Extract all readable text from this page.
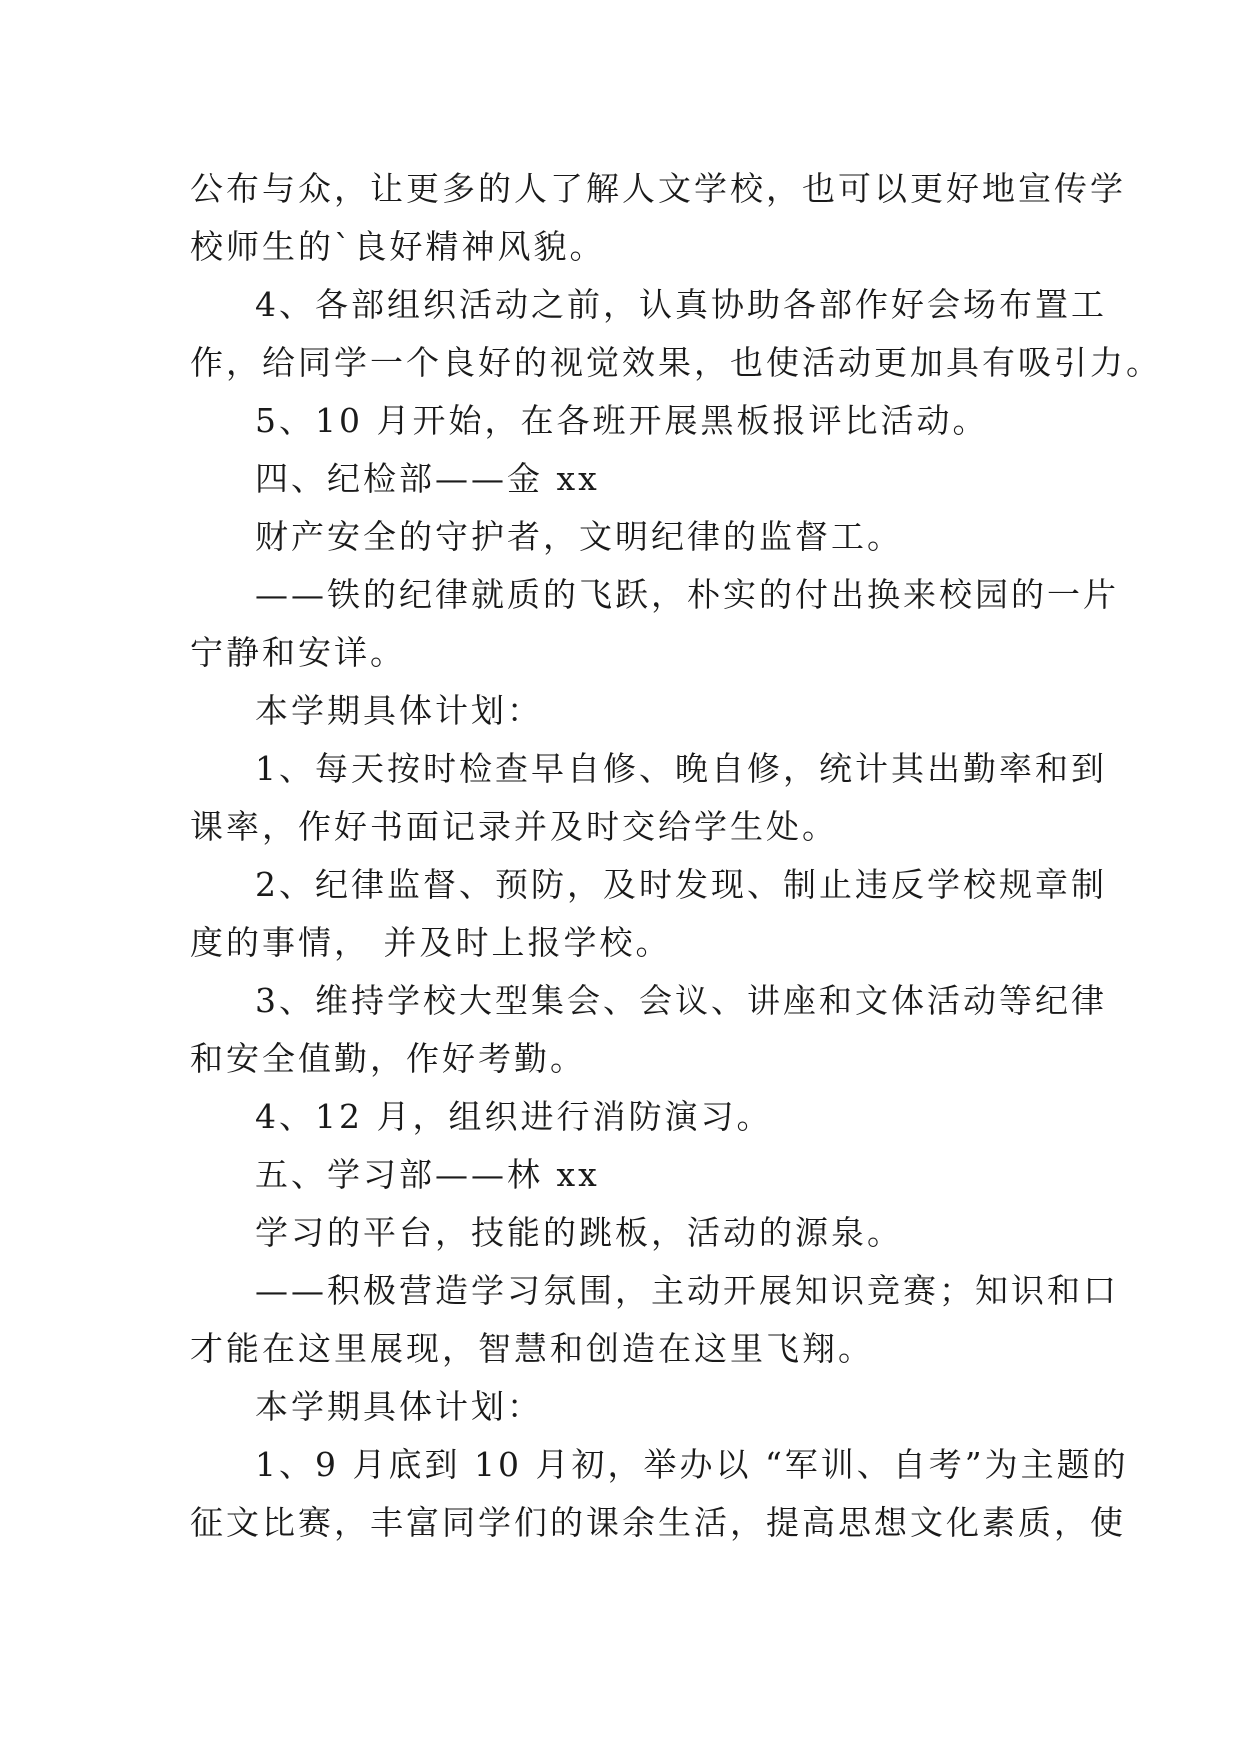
公布与众，让更多的人了解人文学校，也可以更好地宣传学
校师生的`良好精神风貌。
4、各部组织活动之前，认真协助各部作好会场布置工
作，给同学一个良好的视觉效果，也使活动更加具有吸引力。
5、10 月开始，在各班开展黑板报评比活动。
四、纪检部——金 xx
财产安全的守护者，文明纪律的监督工。
——铁的纪律就质的飞跃，朴实的付出换来校园的一片
宁静和安详。
本学期具体计划：
1、每天按时检查早自修、晚自修，统计其出勤率和到
课率，作好书面记录并及时交给学生处。
2、纪律监督、预防，及时发现、制止违反学校规章制
度的事情， 并及时上报学校。
3、维持学校大型集会、会议、讲座和文体活动等纪律
和安全值勤，作好考勤。
4、12 月，组织进行消防演习。
五、学习部——林 xx
学习的平台，技能的跳板，活动的源泉。
——积极营造学习氛围，主动开展知识竞赛；知识和口
才能在这里展现，智慧和创造在这里飞翔。
本学期具体计划：
1、9 月底到 10 月初，举办以 “军训、自考”为主题的
征文比赛，丰富同学们的课余生活，提高思想文化素质，使
